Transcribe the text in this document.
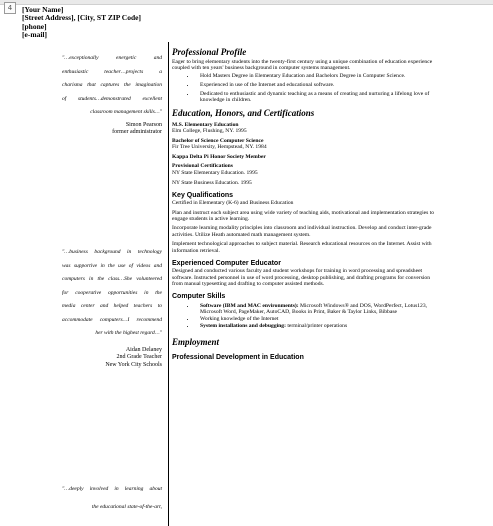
4	[Your Name]
[Street Address], [City, ST ZIP Code]
[phone]
[e-mail]
"…exceptionally energetic and
enthusiastic teacher…projects a
charisma that captures the imagination
of students…demonstrated excellent
classroom management skills…"
Simon Pearson
former administrator
"…business background in technology
was supportive in the use of videos and
computers in the class…She volunteered
for cooperative opportunities in the
media center and helped teachers to
accommodate computers…I recommend
her with the highest regard…"
Aidan Delaney
2nd Grade Teacher
New York City Schools
"…deeply involved in learning about
the educational state-of-the-art,
Professional Profile

Eager to bring elementary students into the twenty-first century using a unique combination of education experience coupled with ten years' business background in computer systems management.

• Hold Masters Degree in Elementary Education and Bachelors Degree in Computer Science.
• Experienced in use of the Internet and educational software.
• Dedicated to enthusiastic and dynamic teaching as a means of creating and nurturing a lifelong love of knowledge in children.
Education, Honors, and Certifications
M.S. Elementary Education
Elm College, Flushing, NY. 1995
Bachelor of Science Computer Science
Fir Tree University, Hempstead, NY. 1984
Kappa Delta Pi Honor Society Member
Provisional Certifications
NY State Elementary Education. 1995
NY State Business Education. 1995
Key Qualifications

Certified in Elementary (K-6) and Business Education

Plan and instruct each subject area using wide variety of teaching aids, motivational and implementation strategies to engage students in active learning.

Incorporate learning modality principles into classroom and individual instruction. Develop and conduct inter-grade activities. Utilize Heath automated math management system.

Implement technological approaches to subject material. Research educational resources on the Internet. Assist with information retrieval.

Experienced Computer Educator

Designed and conducted various faculty and student workshops for training in word processing and spreadsheet software. Instructed personnel in use of word processing, desktop publishing, and drafting programs for conversion from manual typesetting and drafting to computer assisted methods.

Computer Skills
• Software (IBM and MAC environments): Microsoft Windows® and DOS, WordPerfect, Lotus123, Microsoft Word, PageMaker, AutoCAD, Books in Print, Baker & Taylor Links, Bibbase
• Working knowledge of the Internet
• System installations and debugging: terminal/printer operations
Employment
Professional Development in Education
